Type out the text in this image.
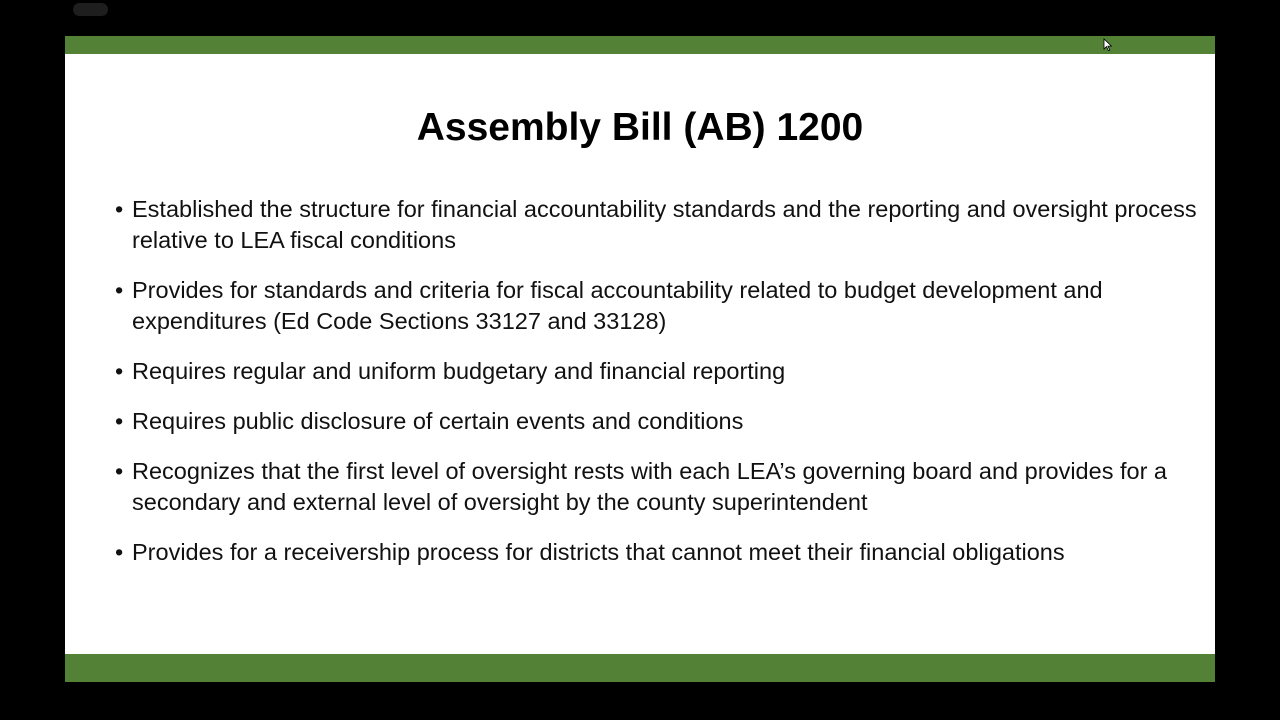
Assembly Bill (AB) 1200
• Established the structure for financial accountability standards and the reporting and oversight process relative to LEA fiscal conditions
• Provides for standards and criteria for fiscal accountability related to budget development and expenditures (Ed Code Sections 33127 and 33128)
• Requires regular and uniform budgetary and financial reporting
• Requires public disclosure of certain events and conditions
• Recognizes that the first level of oversight rests with each LEA’s governing board and provides for a secondary and external level of oversight by the county superintendent
• Provides for a receivership process for districts that cannot meet their financial obligations
